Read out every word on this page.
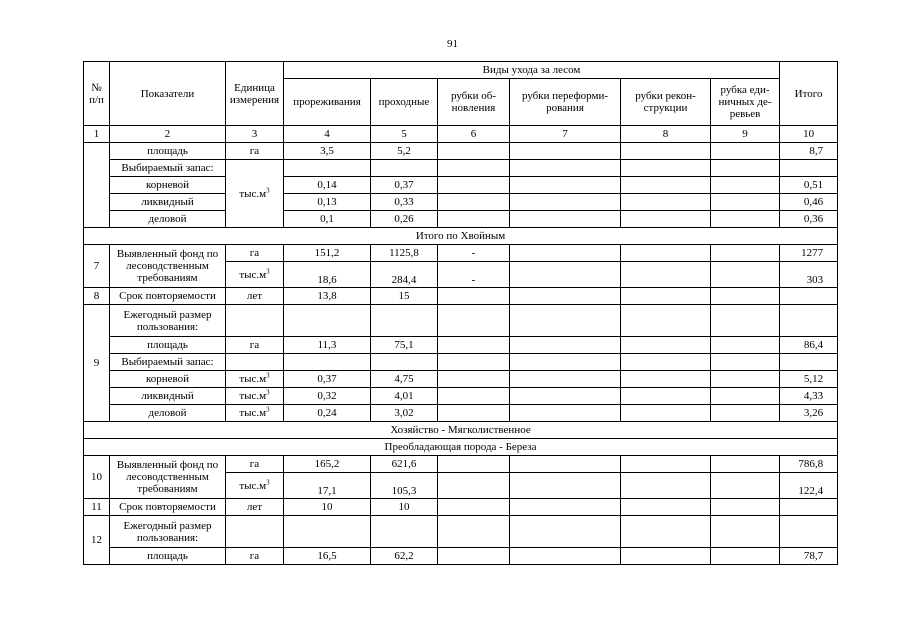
91
№ п/п	Показатели	Единица измерения	Виды ухода за лесом						Итого
			прореживания	проходные	рубки обновления	рубки переформирования	рубки реконструкции	рубка единичных деревьев	
1	2	3	4	5	6	7	8	9	10
	площадь	га	3,5	5,2					8,7
	Выбираемый запас:	$тыс.м^3$							
	корневой		0,14	0,37					0,51
	ликвидный		0,13	0,33					0,46
	деловой		0,1	0,26					0,36
Итого по Хвойным									
7	Выявленный фонд по лесоводственным требованиям	га	151,2	1125,8	-				1277
		$тыс.м^3$	18,6	284,4	-				303
8	Срок повторяемости	лет	13,8	15					
9	Ежегодный размер пользования:								
	площадь	га	11,3	75,1					86,4
	Выбираемый запас:								
	корневой	$тыс.м^3$	0,37	4,75					5,12
	ликвидный	$тыс.м^3$	0,32	4,01					4,33
	деловой	$тыс.м^3$	0,24	3,02					3,26
Хозяйство - Мягколиственное									
Преобладающая порода - Береза									
10	Выявленный фонд по лесоводственным требованиям	га	165,2	621,6					786,8
		$тыс.м^3$	17,1	105,3					122,4
11	Срок повторяемости	лет	10	10					
12	Ежегодный размер пользования:								
	площадь	га	16,5	62,2					78,7
